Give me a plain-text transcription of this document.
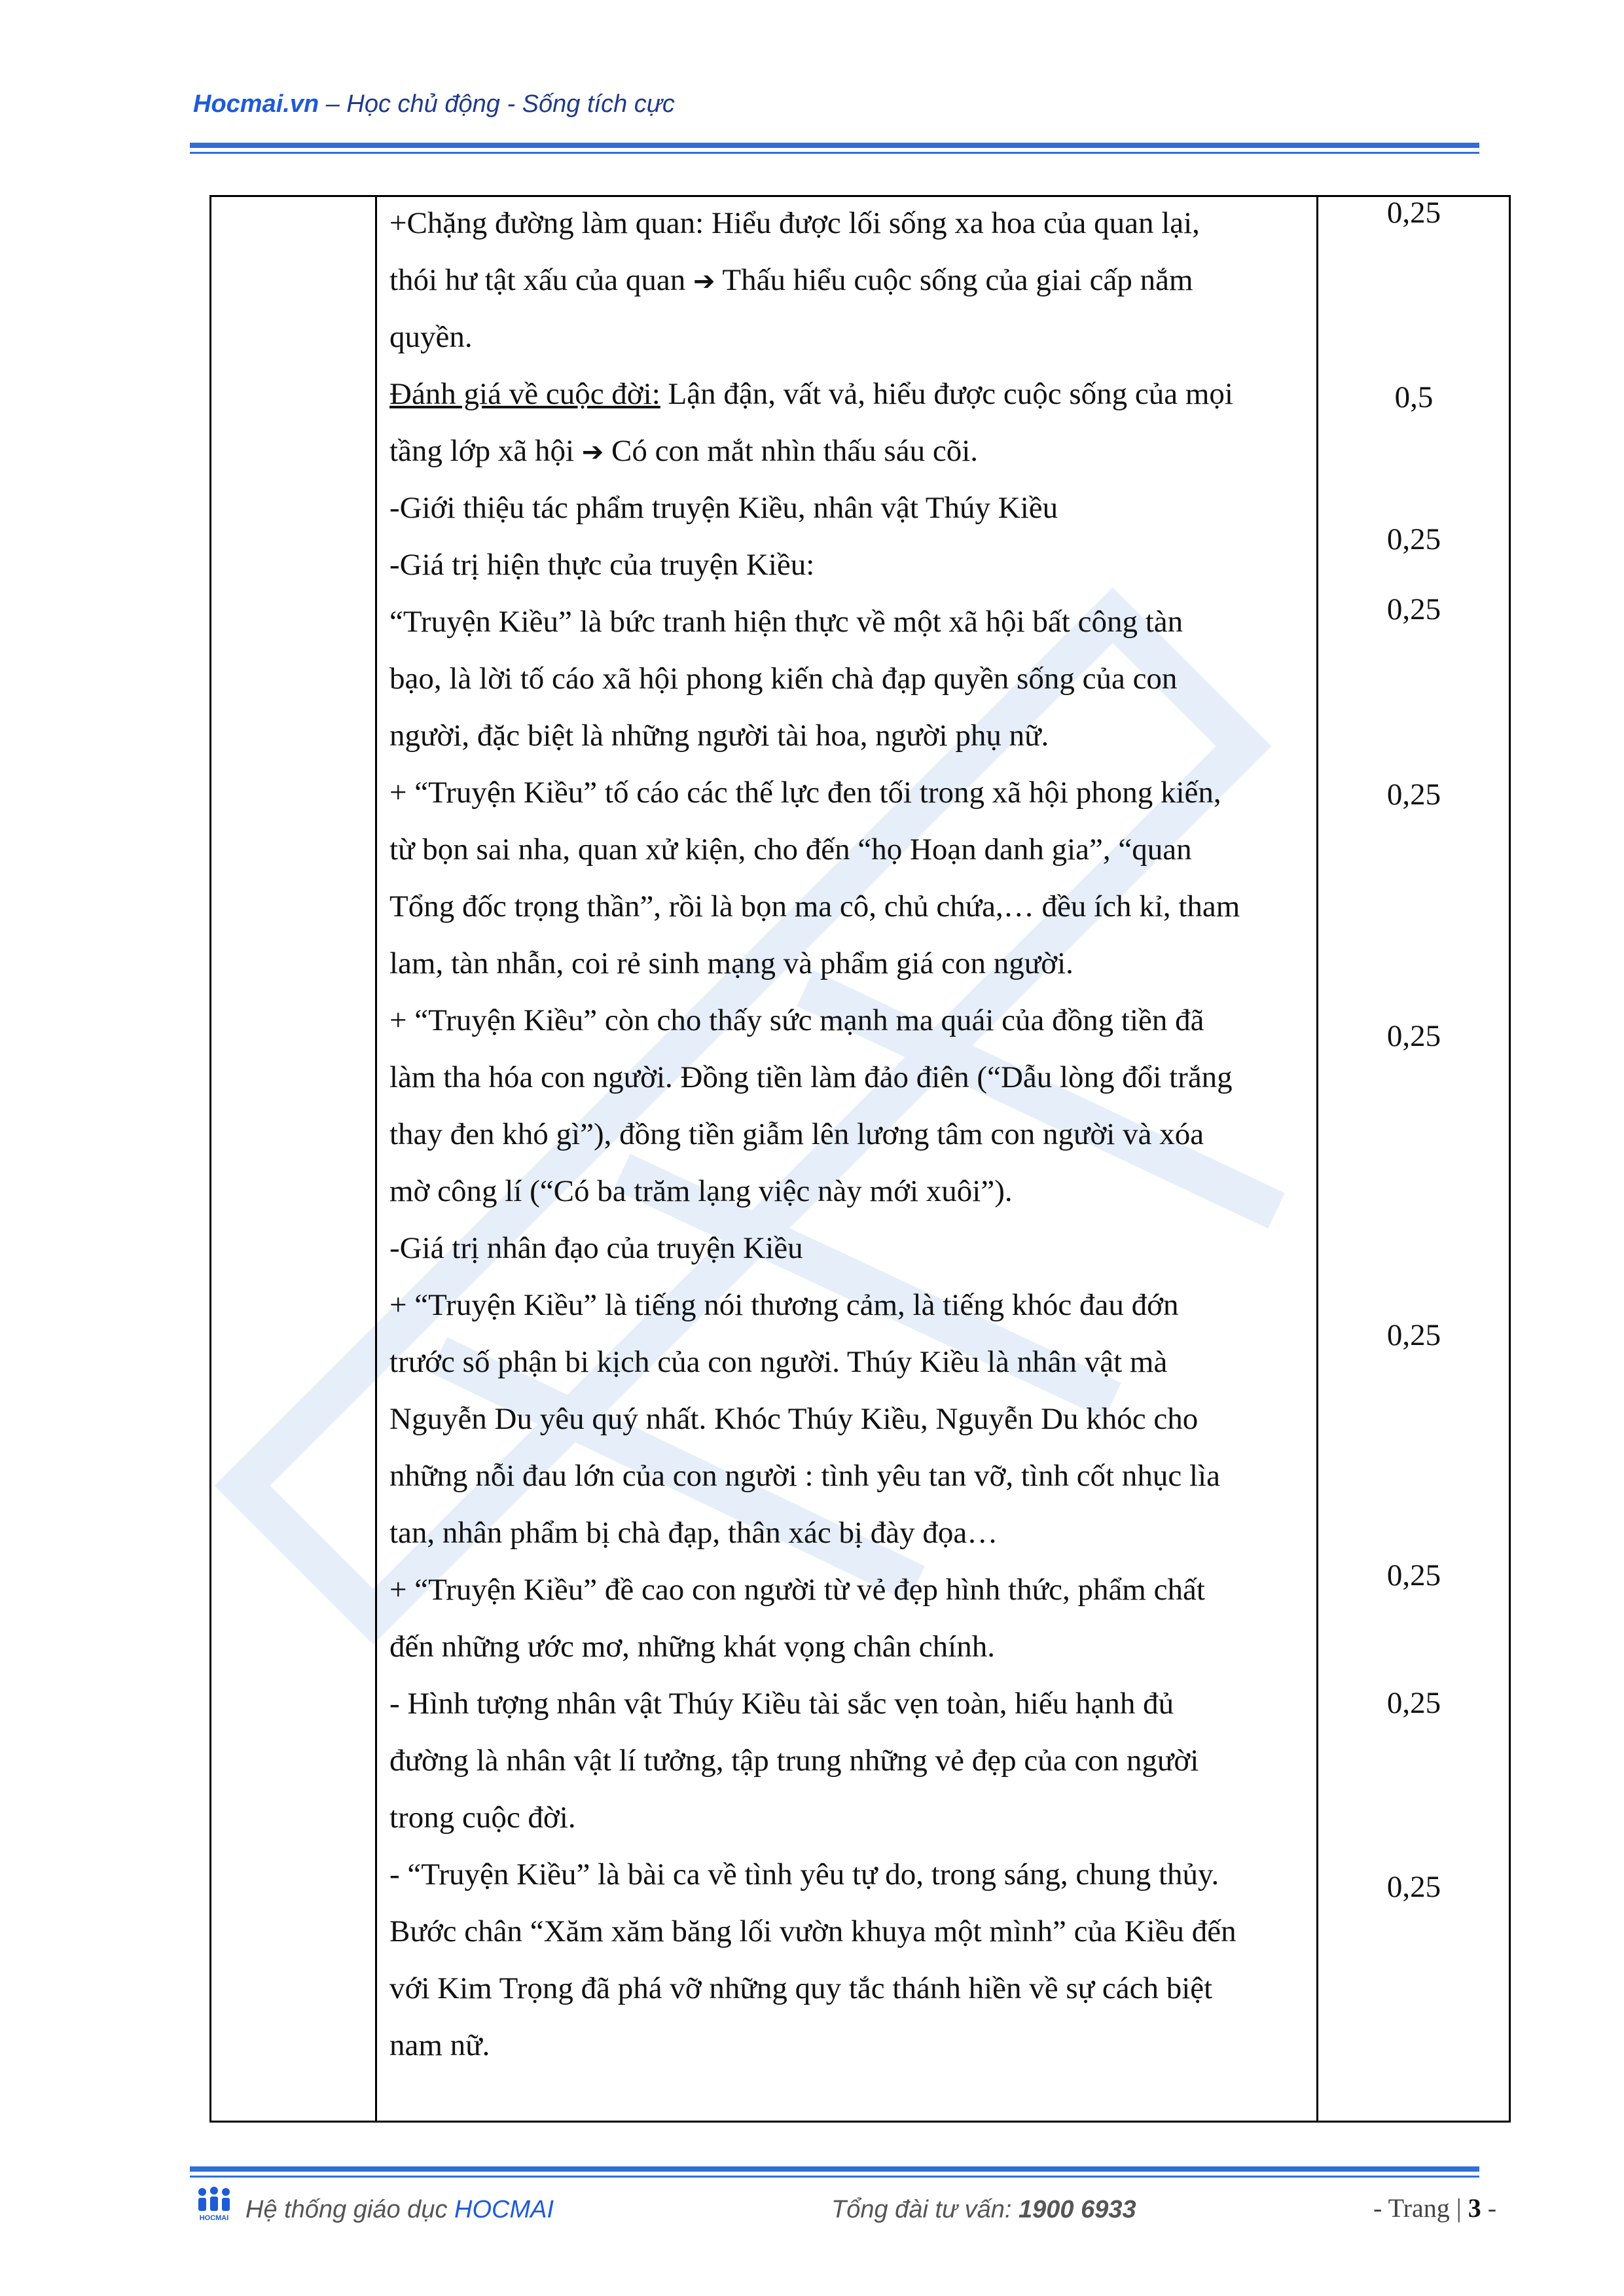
Hocmai.vn – Học chủ động - Sống tích cực
+Chặng đường làm quan: Hiểu được lối sống xa hoa của quan lại,
thói hư tật xấu của quan ➔ Thấu hiểu cuộc sống của giai cấp nắm
quyền.
Đánh giá về cuộc đời: Lận đận, vất vả, hiểu được cuộc sống của mọi
tầng lớp xã hội ➔ Có con mắt nhìn thấu sáu cõi.
-Giới thiệu tác phẩm truyện Kiều, nhân vật Thúy Kiều
-Giá trị hiện thực của truyện Kiều:
“Truyện Kiều” là bức tranh hiện thực về một xã hội bất công tàn
bạo, là lời tố cáo xã hội phong kiến chà đạp quyền sống của con
người, đặc biệt là những người tài hoa, người phụ nữ.
+ “Truyện Kiều” tố cáo các thế lực đen tối trong xã hội phong kiến,
từ bọn sai nha, quan xử kiện, cho đến “họ Hoạn danh gia”, “quan
Tổng đốc trọng thần”, rồi là bọn ma cô, chủ chứa,… đều ích kỉ, tham
lam, tàn nhẫn, coi rẻ sinh mạng và phẩm giá con người.
+ “Truyện Kiều” còn cho thấy sức mạnh ma quái của đồng tiền đã
làm tha hóa con người. Đồng tiền làm đảo điên (“Dẫu lòng đổi trắng
thay đen khó gì”), đồng tiền giẫm lên lương tâm con người và xóa
mờ công lí (“Có ba trăm lạng việc này mới xuôi”).
-Giá trị nhân đạo của truyện Kiều
+ “Truyện Kiều” là tiếng nói thương cảm, là tiếng khóc đau đớn
trước số phận bi kịch của con người. Thúy Kiều là nhân vật mà
Nguyễn Du yêu quý nhất. Khóc Thúy Kiều, Nguyễn Du khóc cho
những nỗi đau lớn của con người : tình yêu tan vỡ, tình cốt nhục lìa
tan, nhân phẩm bị chà đạp, thân xác bị đày đọa…
+ “Truyện Kiều” đề cao con người từ vẻ đẹp hình thức, phẩm chất
đến những ước mơ, những khát vọng chân chính.
- Hình tượng nhân vật Thúy Kiều tài sắc vẹn toàn, hiếu hạnh đủ
đường là nhân vật lí tưởng, tập trung những vẻ đẹp của con người
trong cuộc đời.
- “Truyện Kiều” là bài ca về tình yêu tự do, trong sáng, chung thủy.
Bước chân “Xăm xăm băng lối vườn khuya một mình” của Kiều đến
với Kim Trọng đã phá vỡ những quy tắc thánh hiền về sự cách biệt
nam nữ.
0,25
0,5
0,25
0,25
0,25
0,25
0,25
0,25
0,25
0,25
HOCMAI Hệ thống giáo dục HOCMAI	Tổng đài tư vấn: 1900 6933	- Trang | 3 -
